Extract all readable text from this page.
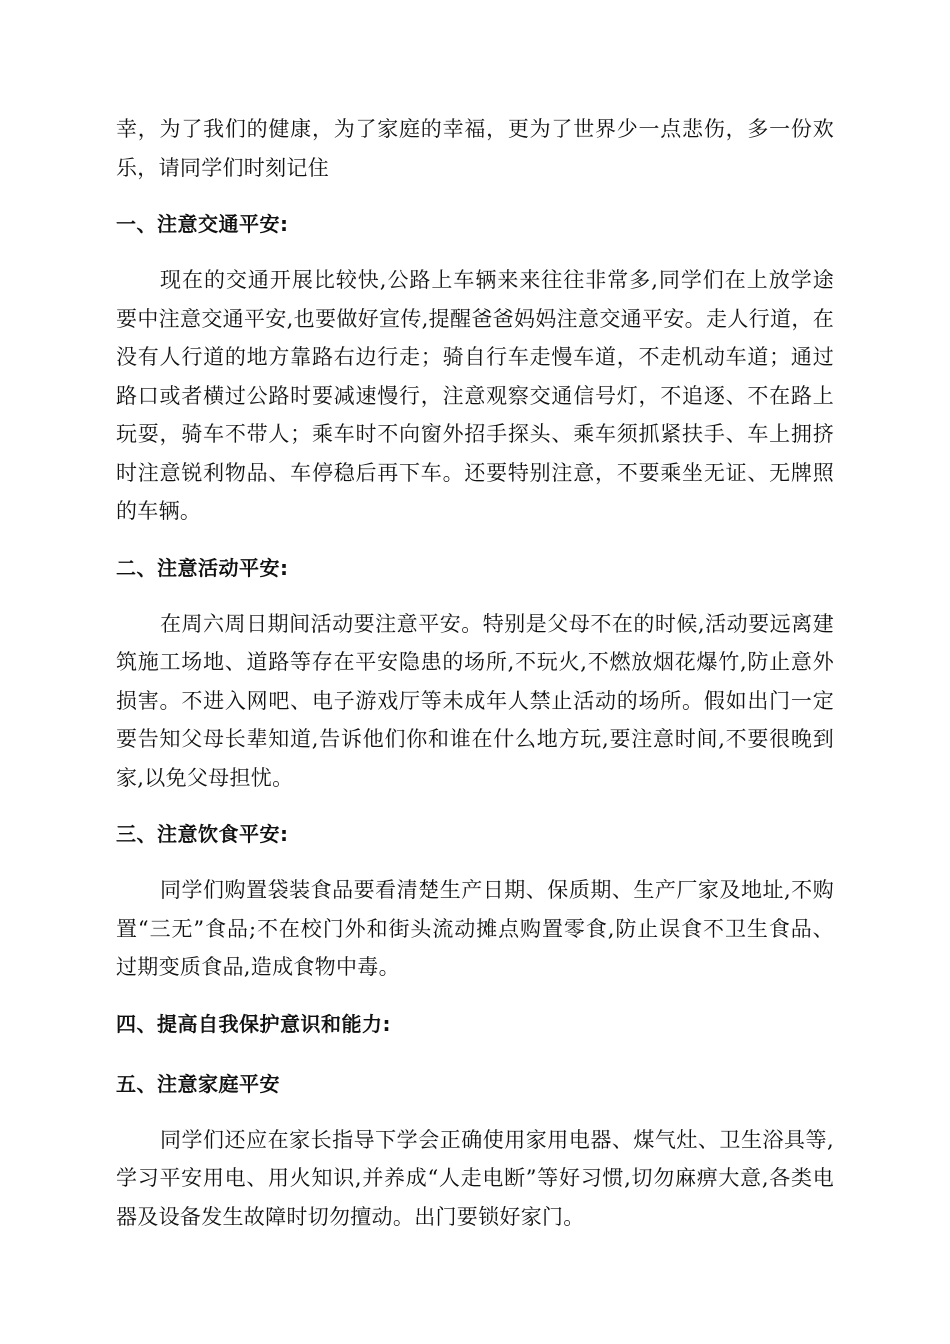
幸，为了我们的健康，为了家庭的幸福，更为了世界少一点悲伤，多一份欢乐，请同学们时刻记住

一、注意交通平安:

现在的交通开展比较快,公路上车辆来来往往非常多,同学们在上放学途要中注意交通平安,也要做好宣传,提醒爸爸妈妈注意交通平安。走人行道，在没有人行道的地方靠路右边行走；骑自行车走慢车道，不走机动车道；通过路口或者横过公路时要减速慢行，注意观察交通信号灯，不追逐、不在路上玩耍，骑车不带人；乘车时不向窗外招手探头、乘车须抓紧扶手、车上拥挤时注意锐利物品、车停稳后再下车。还要特别注意，不要乘坐无证、无牌照的车辆。

二、注意活动平安:

在周六周日期间活动要注意平安。特别是父母不在的时候,活动要远离建筑施工场地、道路等存在平安隐患的场所,不玩火,不燃放烟花爆竹,防止意外损害。不进入网吧、电子游戏厅等未成年人禁止活动的场所。假如出门一定要告知父母长辈知道,告诉他们你和谁在什么地方玩,要注意时间,不要很晚到家,以免父母担忧。

三、注意饮食平安:

同学们购置袋装食品要看清楚生产日期、保质期、生产厂家及地址,不购置“三无”食品;不在校门外和街头流动摊点购置零食,防止误食不卫生食品、过期变质食品,造成食物中毒。

四、提高自我保护意识和能力:
五、注意家庭平安

同学们还应在家长指导下学会正确使用家用电器、煤气灶、卫生浴具等,学习平安用电、用火知识,并养成“人走电断”等好习惯,切勿麻痹大意,各类电器及设备发生故障时切勿擅动。出门要锁好家门。
